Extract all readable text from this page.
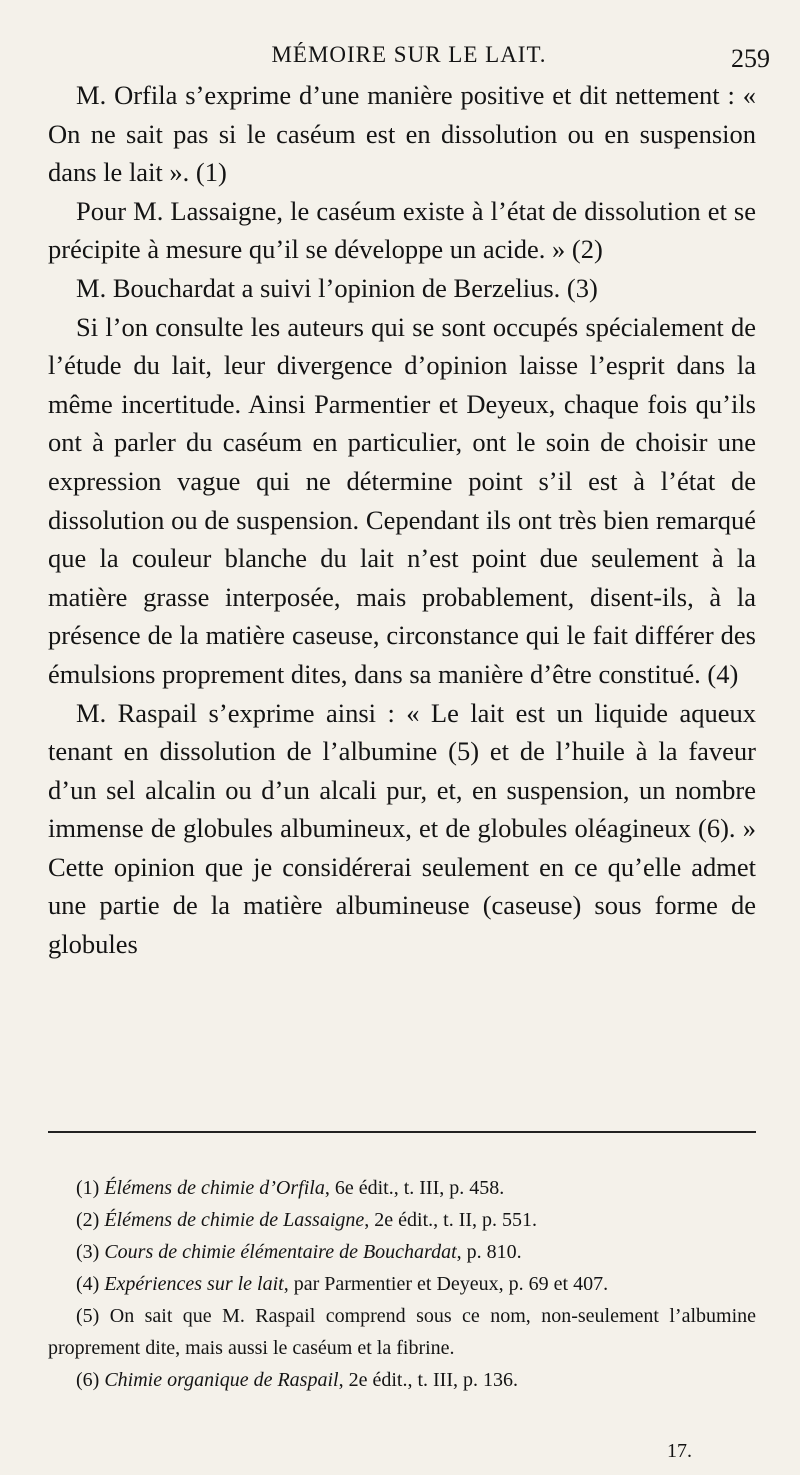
MÉMOIRE SUR LE LAIT.	259

M. Orfila s’exprime d’une manière positive et dit nettement : « On ne sait pas si le caséum est en dissolution ou en suspension dans le lait ». (1)

Pour M. Lassaigne, le caséum existe à l’état de dissolution et se précipite à mesure qu’il se développe un acide. » (2)

M. Bouchardat a suivi l’opinion de Berzelius. (3)

Si l’on consulte les auteurs qui se sont occupés spécialement de l’étude du lait, leur divergence d’opinion laisse l’esprit dans la même incertitude. Ainsi Parmentier et Deyeux, chaque fois qu’ils ont à parler du caséum en particulier, ont le soin de choisir une expression vague qui ne détermine point s’il est à l’état de dissolution ou de suspension. Cependant ils ont très bien remarqué que la couleur blanche du lait n’est point due seulement à la matière grasse interposée, mais probablement, disent-ils, à la présence de la matière caseuse, circonstance qui le fait différer des émulsions proprement dites, dans sa manière d’être constitué. (4)

M. Raspail s’exprime ainsi : « Le lait est un liquide aqueux tenant en dissolution de l’albumine (5) et de l’huile à la faveur d’un sel alcalin ou d’un alcali pur, et, en suspension, un nombre immense de globules albumineux, et de globules oléagineux (6). » Cette opinion que je considérerai seulement en ce qu’elle admet une partie de la matière albumineuse (caseuse) sous forme de globules

(1) Élémens de chimie d’Orfila, 6e édit., t. III, p. 458.

(2) Élémens de chimie de Lassaigne, 2e édit., t. II, p. 551.

(3) Cours de chimie élémentaire de Bouchardat, p. 810.

(4) Expériences sur le lait, par Parmentier et Deyeux, p. 69 et 407.

(5) On sait que M. Raspail comprend sous ce nom, non-seulement l’albumine proprement dite, mais aussi le caséum et la fibrine.

(6) Chimie organique de Raspail, 2e édit., t. III, p. 136.

17.
